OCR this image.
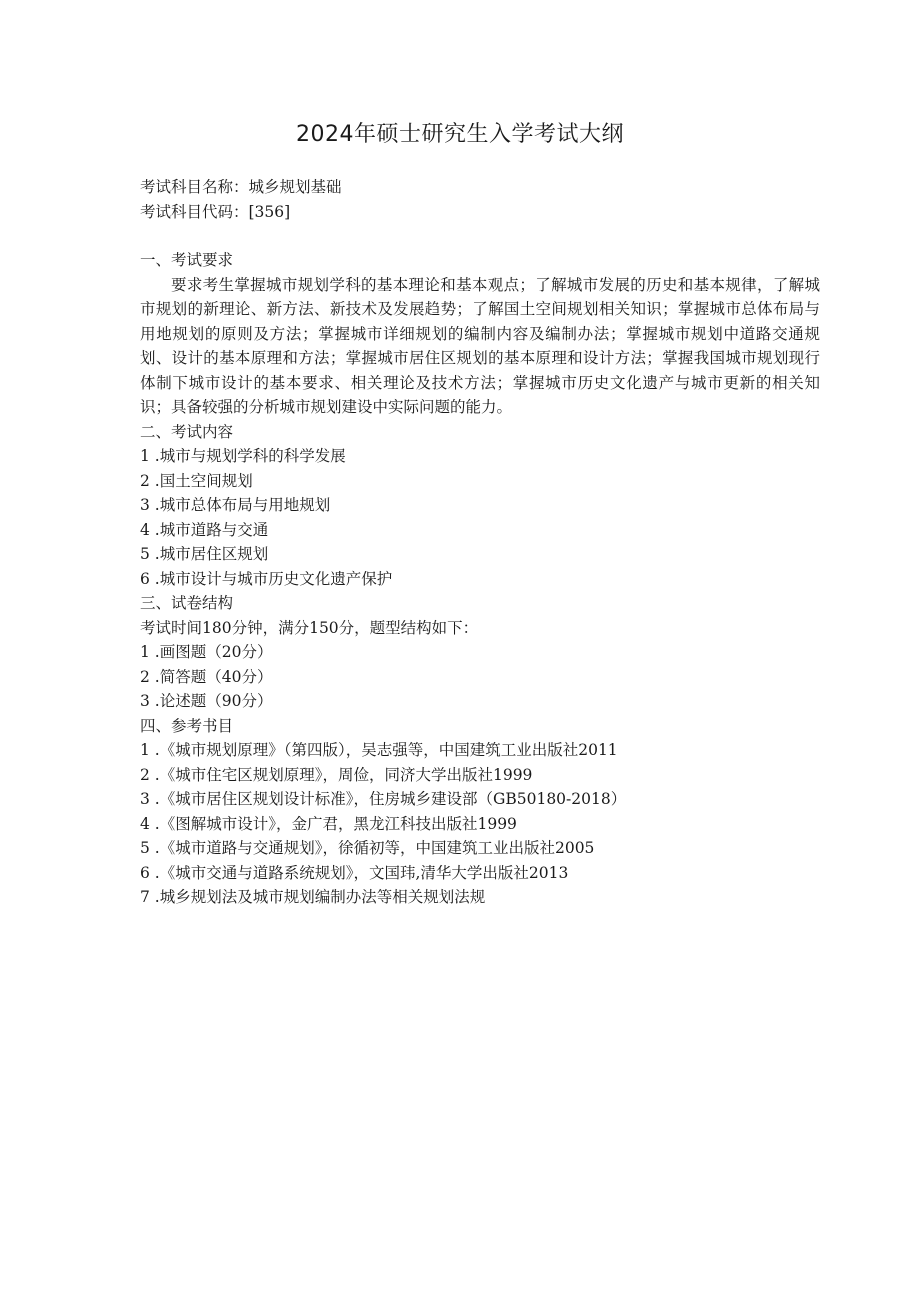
2024年硕士研究生入学考试大纲
考试科目名称：城乡规划基础
考试科目代码：[356]
一、考试要求

要求考生掌握城市规划学科的基本理论和基本观点；了解城市发展的历史和基本规律，了解城市规划的新理论、新方法、新技术及发展趋势；了解国土空间规划相关知识；掌握城市总体布局与用地规划的原则及方法；掌握城市详细规划的编制内容及编制办法；掌握城市规划中道路交通规划、设计的基本原理和方法；掌握城市居住区规划的基本原理和设计方法；掌握我国城市规划现行体制下城市设计的基本要求、相关理论及技术方法；掌握城市历史文化遗产与城市更新的相关知识；具备较强的分析城市规划建设中实际问题的能力。

二、考试内容
1 .城市与规划学科的科学发展
2 .国土空间规划
3 .城市总体布局与用地规划
4 .城市道路与交通
5 .城市居住区规划
6 .城市设计与城市历史文化遗产保护
三、试卷结构
考试时间180分钟，满分150分，题型结构如下：
1 .画图题（20分）
2 .简答题（40分）
3 .论述题（90分）
四、参考书目
1 .《城市规划原理》（第四版），吴志强等，中国建筑工业出版社2011
2 .《城市住宅区规划原理》，周俭，同济大学出版社1999
3 .《城市居住区规划设计标准》，住房城乡建设部（GB50180-2018）
4 .《图解城市设计》，金广君，黑龙江科技出版社1999
5 .《城市道路与交通规划》，徐循初等，中国建筑工业出版社2005
6 .《城市交通与道路系统规划》，文国玮,清华大学出版社2013
7 .城乡规划法及城市规划编制办法等相关规划法规
